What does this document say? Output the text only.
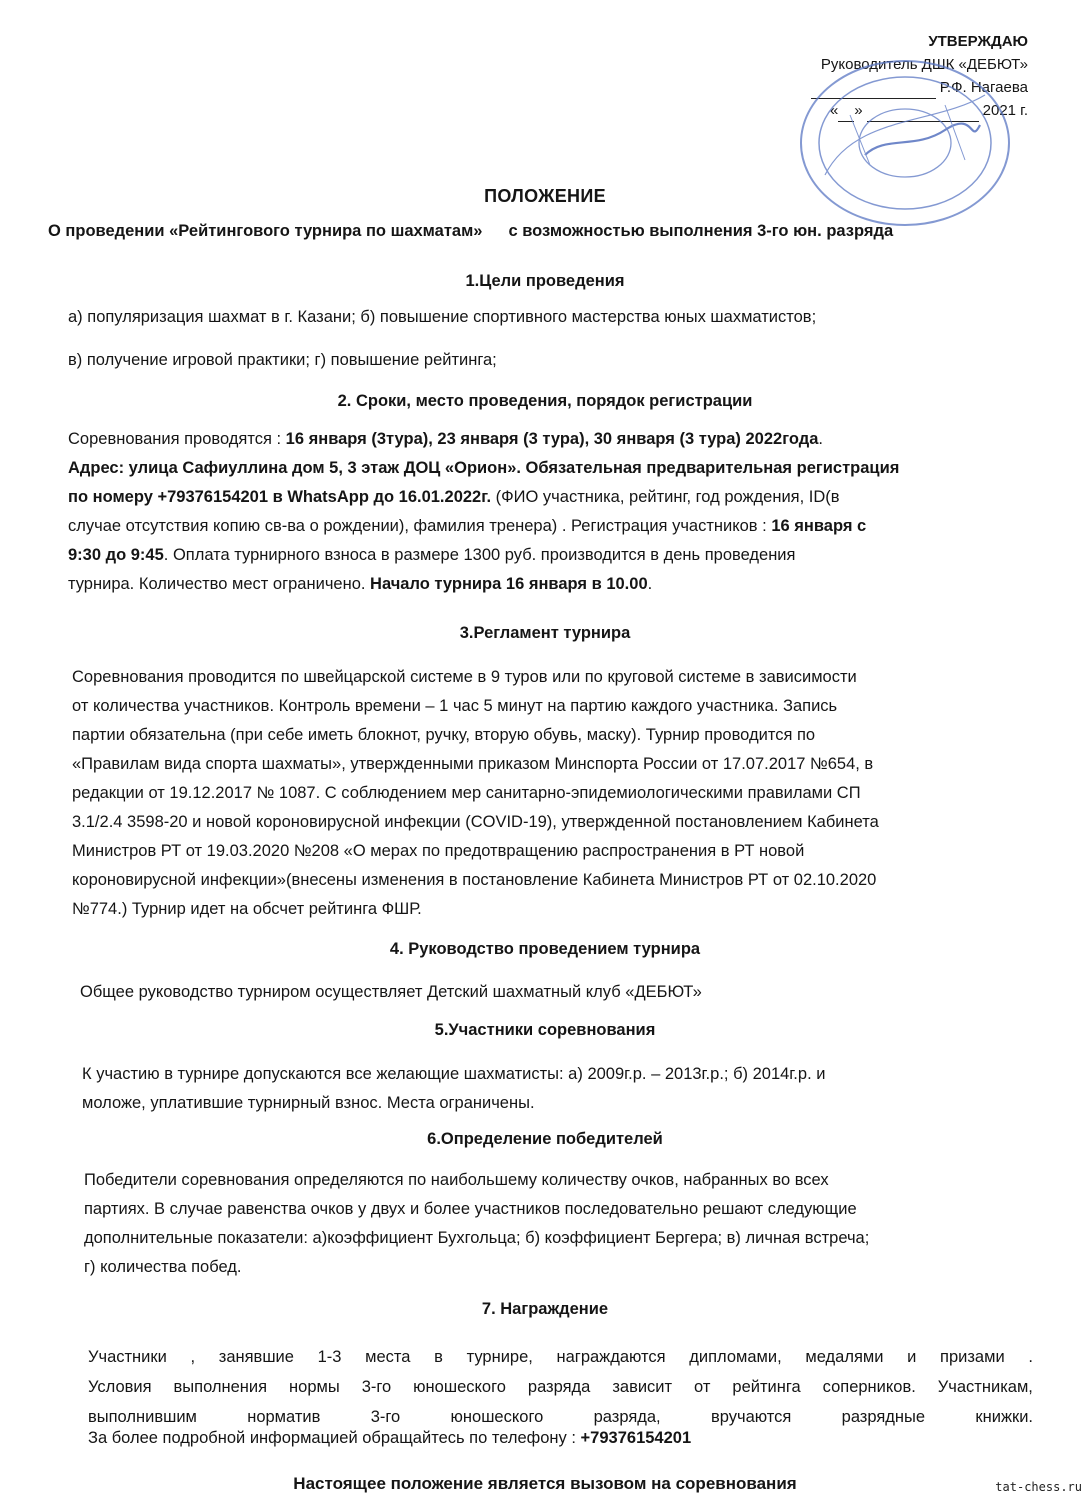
УТВЕРЖДАЮ
Руководитель ДШК «ДЕБЮТ»
Р.Ф. Нагаева
« »	2021 г.
ПОЛОЖЕНИЕ
О проведении «Рейтингового турнира по шахматам» с возможностью выполнения 3-го юн. разряда
1.Цели проведения
а) популяризация шахмат в г. Казани; б) повышение спортивного мастерства юных шахматистов;
в) получение игровой практики; г) повышение рейтинга;
2. Сроки, место проведения, порядок регистрации
Соревнования проводятся : 16 января (3тура), 23 января (3 тура), 30 января (3 тура) 2022года.
Адрес: улица Сафиуллина дом 5, 3 этаж ДОЦ «Орион». Обязательная предварительная регистрация
по номеру +79376154201 в WhatsApp до 16.01.2022г. (ФИО участника, рейтинг, год рождения, ID(в
случае отсутствия копию св-ва о рождении), фамилия тренера) . Регистрация участников : 16 января с
9:30 до 9:45. Оплата турнирного взноса в размере 1300 руб. производится в день проведения
турнира. Количество мест ограничено. Начало турнира 16 января в 10.00.
3.Регламент турнира
Соревнования проводится по швейцарской системе в 9 туров или по круговой системе в зависимости
от количества участников. Контроль времени – 1 час 5 минут на партию каждого участника. Запись
партии обязательна (при себе иметь блокнот, ручку, вторую обувь, маску). Турнир проводится по
«Правилам вида спорта шахматы», утвержденными приказом Минспорта России от 17.07.2017 №654, в
редакции от 19.12.2017 № 1087. С соблюдением мер санитарно-эпидемиологическими правилами СП
3.1/2.4 3598-20 и новой короновирусной инфекции (COVID-19), утвержденной постановлением Кабинета
Министров РТ от 19.03.2020 №208 «О мерах по предотвращению распространения в РТ новой
короновирусной инфекции»(внесены изменения в постановление Кабинета Министров РТ от 02.10.2020
№774.) Турнир идет на обсчет рейтинга ФШР.
4. Руководство проведением турнира
Общее руководство турниром осуществляет Детский шахматный клуб «ДЕБЮТ»
5.Участники соревнования
К участию в турнире допускаются все желающие шахматисты: а) 2009г.р. – 2013г.р.; б) 2014г.р. и
моложе, уплатившие турнирный взнос. Места ограничены.
6.Определение победителей
Победители соревнования определяются по наибольшему количеству очков, набранных во всех
партиях. В случае равенства очков у двух и более участников последовательно решают следующие
дополнительные показатели: а)коэффициент Бухгольца; б) коэффициент Бергера; в) личная встреча;
г) количества побед.
7. Награждение
Участники , занявшие 1-3 места в турнире, награждаются дипломами, медалями и призами .
Условия выполнения нормы 3-го юношеского разряда зависит от рейтинга соперников. Участникам,
выполнившим	норматив	3-го	юношеского	разряда,	вручаются	разрядные	книжки.
За более подробной информацией обращайтесь по телефону : +79376154201
Настоящее положение является вызовом на соревнования	tat-chess.ru
